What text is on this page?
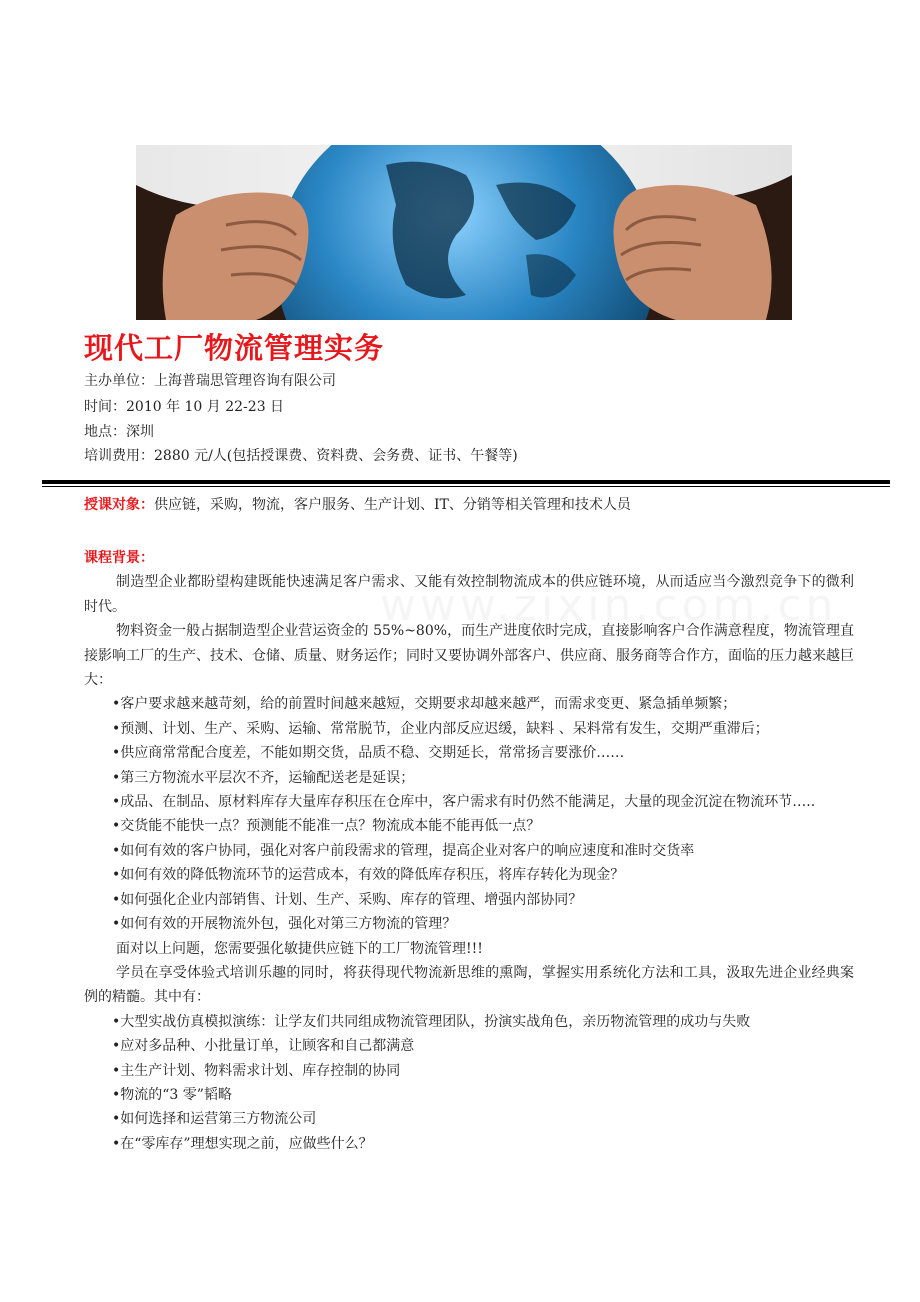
现代工厂物流管理实务
主办单位：上海普瑞思管理咨询有限公司
时间：2010 年 10 月 22-23 日
地点：深圳
培训费用：2880 元/人(包括授课费、资料费、会务费、证书、午餐等)
授课对象：供应链，采购，物流，客户服务、生产计划、IT、分销等相关管理和技术人员

课程背景：

制造型企业都盼望构建既能快速满足客户需求、又能有效控制物流成本的供应链环境，从而适应当今激烈竞争下的微利时代。

物料资金一般占据制造型企业营运资金的 55%~80%，而生产进度依时完成，直接影响客户合作满意程度，物流管理直接影响工厂的生产、技术、仓储、质量、财务运作；同时又要协调外部客户、供应商、服务商等合作方，面临的压力越来越巨大：

•客户要求越来越苛刻，给的前置时间越来越短，交期要求却越来越严，而需求变更、紧急插单频繁；

•预测、计划、生产、采购、运输、常常脱节，企业内部反应迟缓，缺料 、呆料常有发生，交期严重滞后；

•供应商常常配合度差，不能如期交货，品质不稳、交期延长，常常扬言要涨价……

•第三方物流水平层次不齐，运输配送老是延误；

•成品、在制品、原材料库存大量库存积压在仓库中，客户需求有时仍然不能满足，大量的现金沉淀在物流环节…..

•交货能不能快一点？预测能不能准一点？物流成本能不能再低一点？

•如何有效的客户协同，强化对客户前段需求的管理，提高企业对客户的响应速度和准时交货率

•如何有效的降低物流环节的运营成本，有效的降低库存积压，将库存转化为现金？

•如何强化企业内部销售、计划、生产、采购、库存的管理、增强内部协同？

•如何有效的开展物流外包，强化对第三方物流的管理？

面对以上问题，您需要强化敏捷供应链下的工厂物流管理!!!

学员在享受体验式培训乐趣的同时，将获得现代物流新思维的熏陶，掌握实用系统化方法和工具，汲取先进企业经典案例的精髓。其中有：

•大型实战仿真模拟演练：让学友们共同组成物流管理团队，扮演实战角色，亲历物流管理的成功与失败

•应对多品种、小批量订单，让顾客和自己都满意

•主生产计划、物料需求计划、库存控制的协同

•物流的“3 零”韬略

•如何选择和运营第三方物流公司

•在“零库存”理想实现之前，应做些什么？
